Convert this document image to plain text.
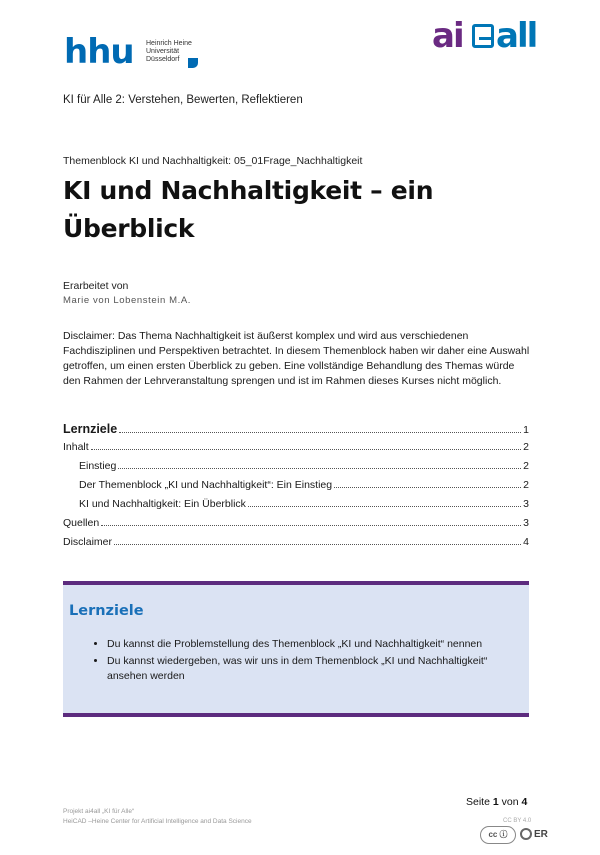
hhu Heinrich Heine
Universität
Düsseldorf
ai all
KI für Alle 2: Verstehen, Bewerten, Reflektieren
Themenblock KI und Nachhaltigkeit: 05_01Frage_Nachhaltigkeit
KI und Nachhaltigkeit – ein Überblick
Erarbeitet von
Marie von Lobenstein M.A.
Disclaimer: Das Thema Nachhaltigkeit ist äußerst komplex und wird aus verschiedenen Fachdisziplinen und Perspektiven betrachtet. In diesem Themenblock haben wir daher eine Auswahl getroffen, um einen ersten Überblick zu geben. Eine vollständige Behandlung des Themas würde den Rahmen der Lehrveranstaltung sprengen und ist im Rahmen dieses Kurses nicht möglich.
Lernziele	1
Inhalt	2
Einstieg	2
Der Themenblock „KI und Nachhaltigkeit“: Ein Einstieg	2
KI und Nachhaltigkeit: Ein Überblick	3
Quellen	3
Disclaimer	4
Lernziele
• Du kannst die Problemstellung des Themenblock „KI und Nachhaltigkeit“ nennen
• Du kannst wiedergeben, was wir uns in dem Themenblock „KI und Nachhaltigkeit“ ansehen werden
Seite 1 von 4
Projekt ai4all „KI für Alle“
HeiCAD –Heine Center for Artificial Intelligence and Data Science	CC BY 4.0
cc ⓘ	ER
